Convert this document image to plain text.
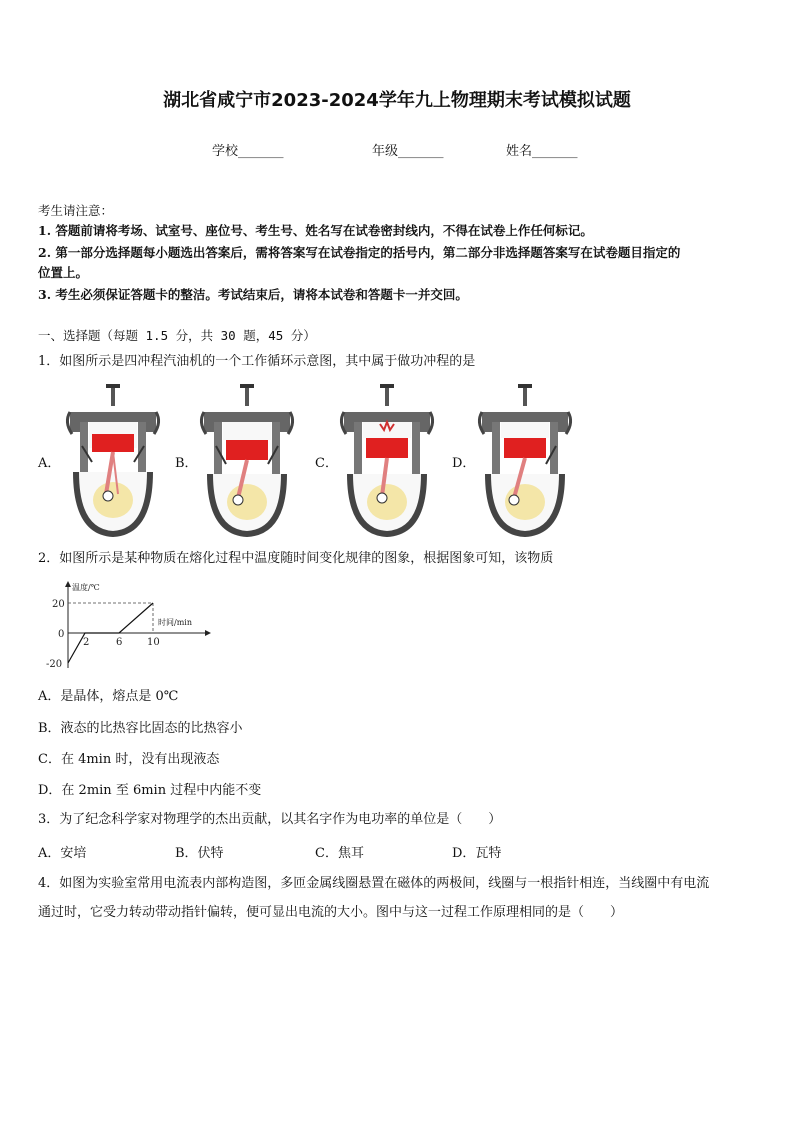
湖北省咸宁市2023-2024学年九上物理期末考试模拟试题
学校_______	年级_______	姓名_______
考生请注意：
1. 答题前请将考场、试室号、座位号、考生号、姓名写在试卷密封线内，不得在试卷上作任何标记。
2. 第一部分选择题每小题选出答案后，需将答案写在试卷指定的括号内，第二部分非选择题答案写在试卷题目指定的
位置上。
3. 考生必须保证答题卡的整洁。考试结束后，请将本试卷和答题卡一并交回。
一、选择题（每题 1.5 分，共 30 题，45 分）
1．如图所示是四冲程汽油机的一个工作循环示意图，其中属于做功冲程的是
A．	B．	C．	D．
2．如图所示是某种物质在熔化过程中温度随时间变化规律的图象，根据图象可知，该物质
温度/℃
时间/min
20
0
-20
2	6 10
A．是晶体，熔点是 0℃
B．液态的比热容比固态的比热容小
C．在 4min 时，没有出现液态
D．在 2min 至 6min 过程中内能不变
3．为了纪念科学家对物理学的杰出贡献，以其名字作为电功率的单位是（　　）
A．安培	B．伏特	C．焦耳	D．瓦特
4．如图为实验室常用电流表内部构造图，多匝金属线圈悬置在磁体的两极间，线圈与一根指针相连，当线圈中有电流
通过时，它受力转动带动指针偏转，便可显出电流的大小。图中与这一过程工作原理相同的是（　　）
